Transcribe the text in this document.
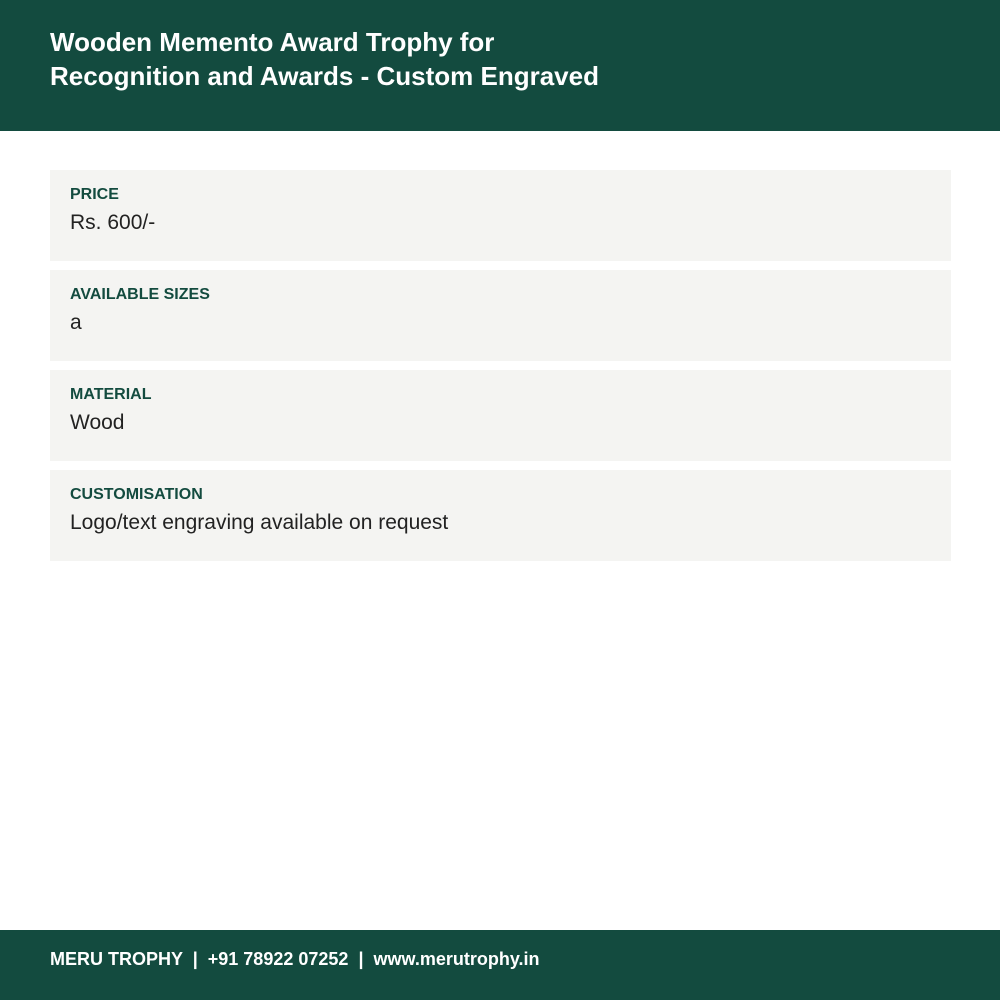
Wooden Memento Award Trophy for
Recognition and Awards - Custom Engraved
PRICE
Rs. 600/-
AVAILABLE SIZES
a
MATERIAL
Wood
CUSTOMISATION
Logo/text engraving available on request
MERU TROPHY | +91 78922 07252 | www.merutrophy.in
